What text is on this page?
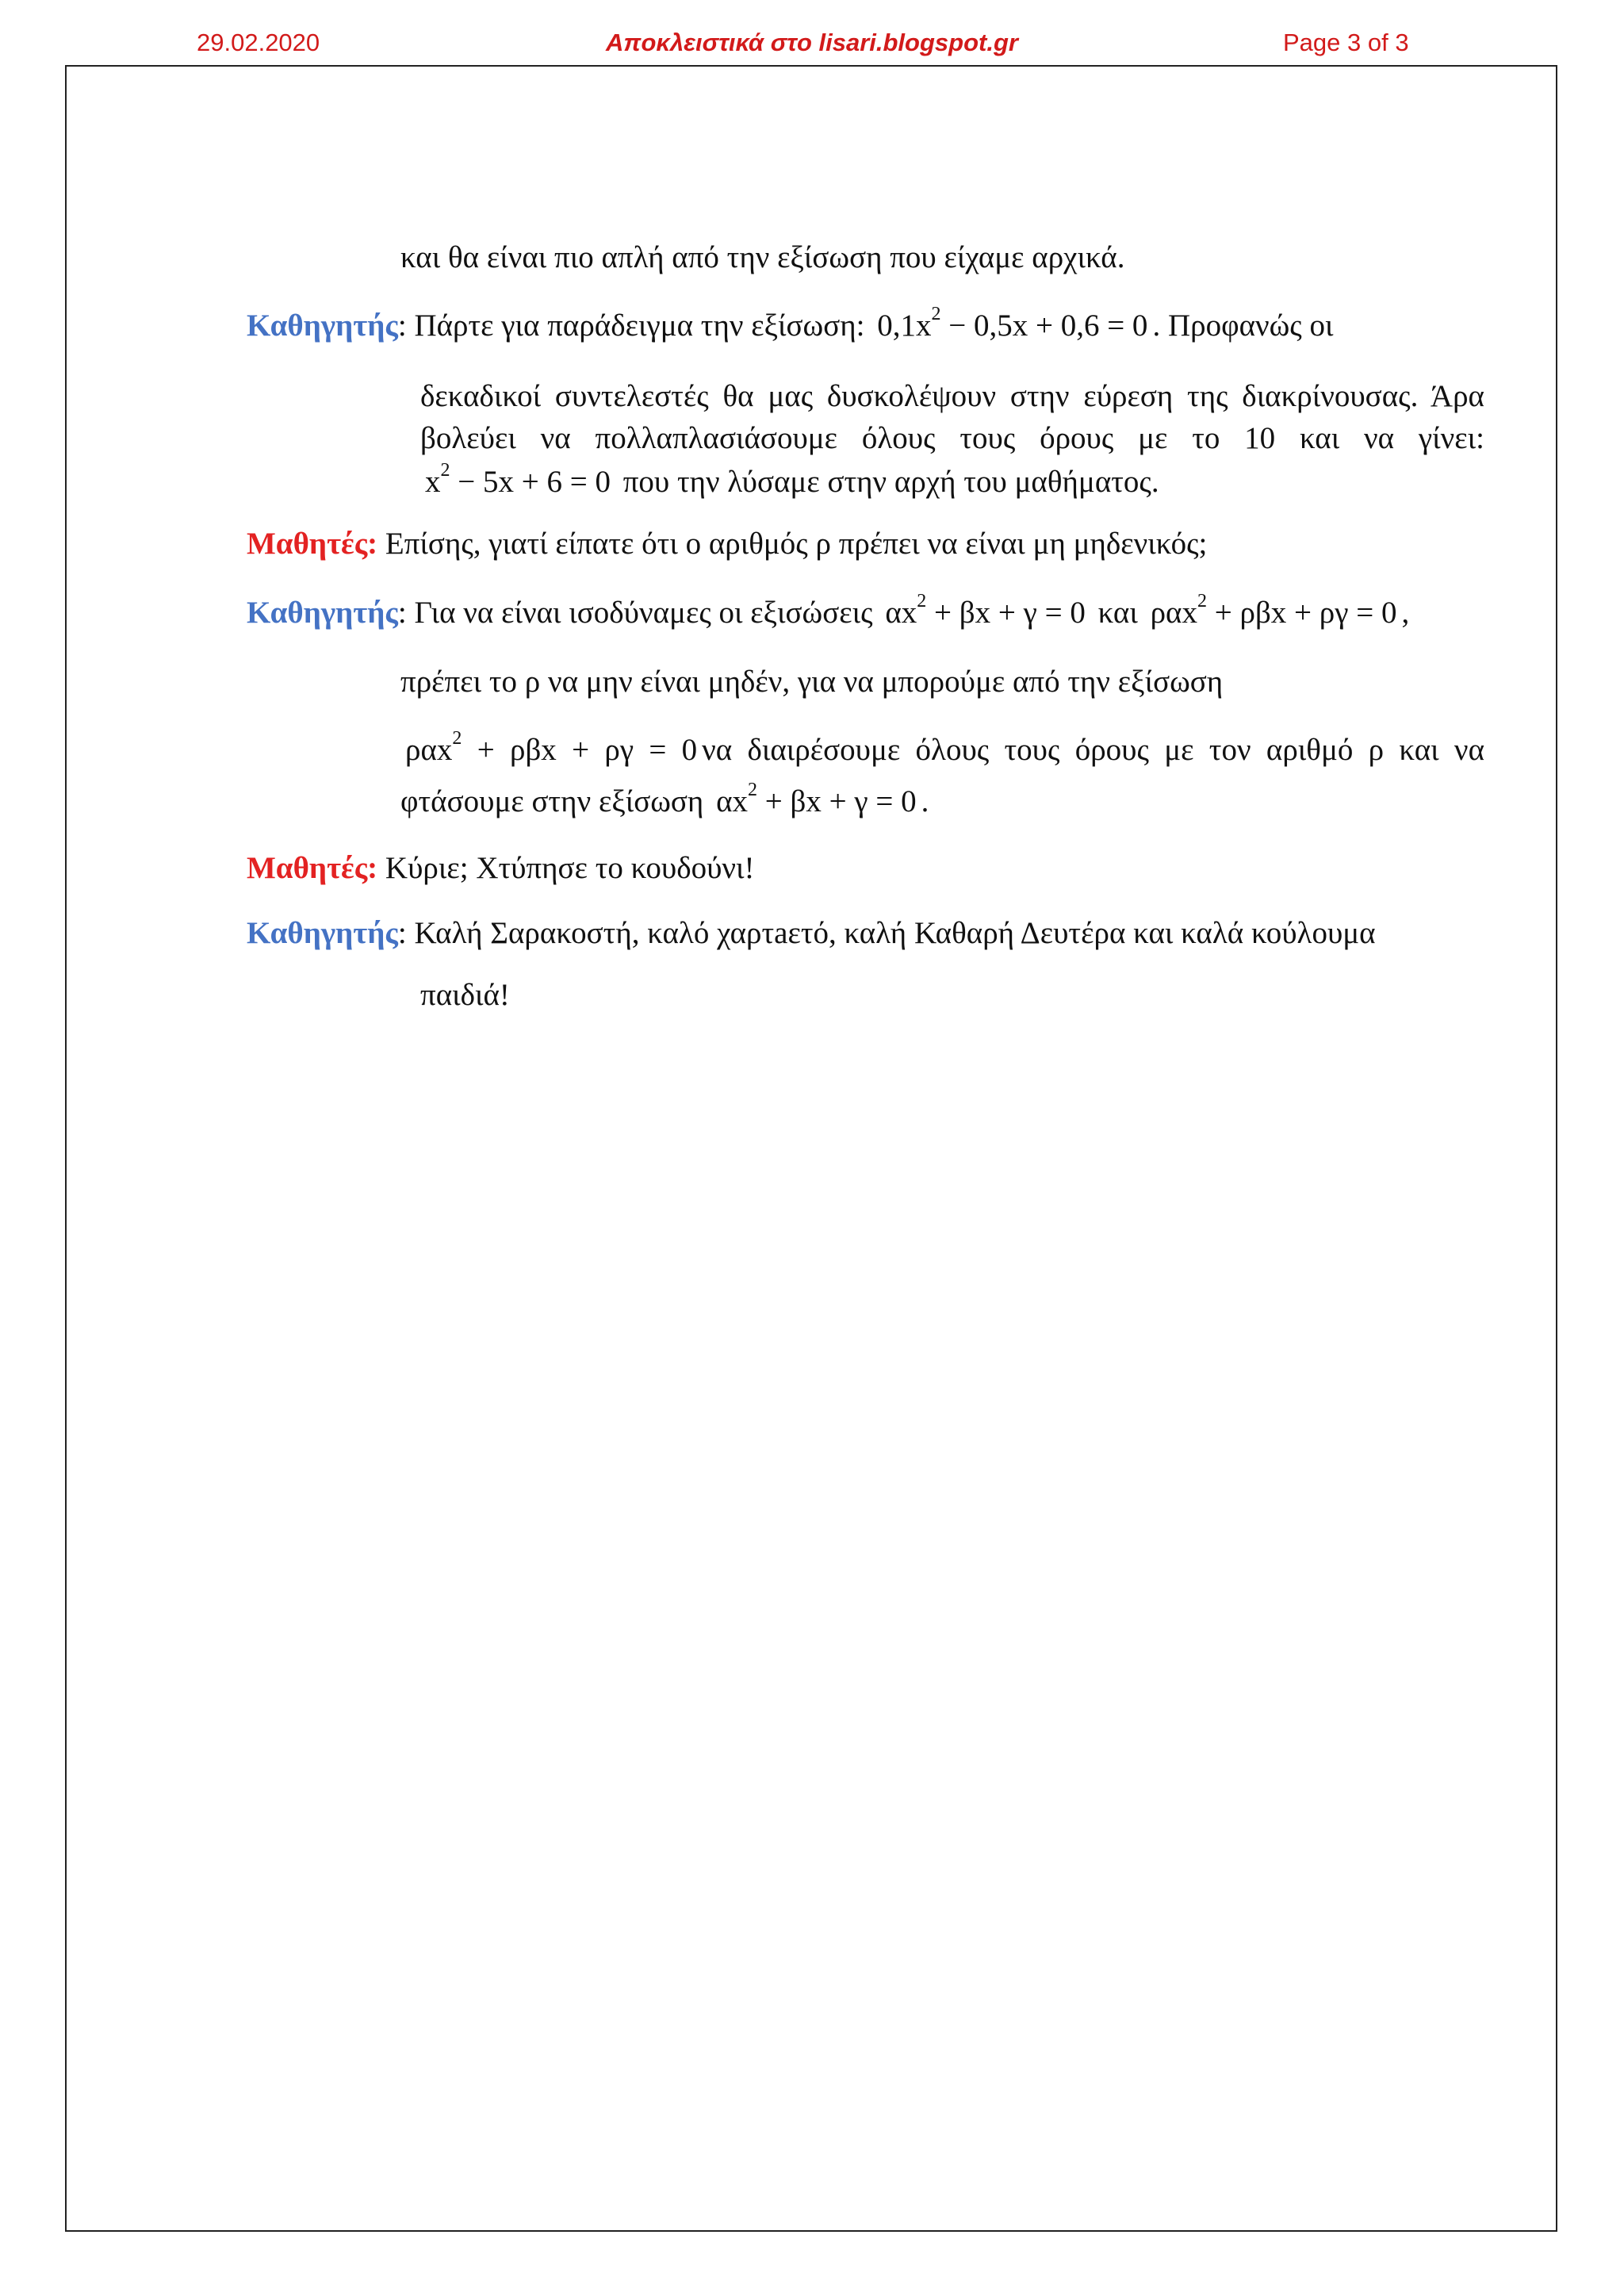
29.02.2020	Αποκλειστικά στο lisari.blogspot.gr	Page 3 of 3
και θα είναι πιο απλή από την εξίσωση που είχαμε αρχικά.
Καθηγητής: Πάρτε για παράδειγμα την εξίσωση: $0,1x^2 - 0,5x + 0,6 = 0$ . Προφανώς οι
δεκαδικοί συντελεστές θα μας δυσκολέψουν στην εύρεση της διακρίνουσας. Άρα
βολεύει να πολλαπλασιάσουμε όλους τους όρους με το 10 και να γίνει:
$x^2 - 5x + 6 = 0$ που την λύσαμε στην αρχή του μαθήματος.
Μαθητές: Επίσης, γιατί είπατε ότι ο αριθμός ρ πρέπει να είναι μη μηδενικός;
Καθηγητής: Για να είναι ισοδύναμες οι εξισώσεις $\alpha x^2 + \beta x + \gamma = 0$ και ραx$^2$ + ρβx + ργ = 0 ,
πρέπει το ρ να μην είναι μηδέν, για να μπορούμε από την εξίσωση
ραx$^2$ + ρβx + ργ = 0 να διαιρέσουμε όλους τους όρους με τον αριθμό ρ και να
φτάσουμε στην εξίσωση $\alpha x^2 + \beta x + \gamma = 0$ .
Μαθητές: Κύριε; Χτύπησε το κουδούνι!
Καθηγητής: Καλή Σαρακοστή, καλό χαρτaετό, καλή Καθαρή Δευτέρα και καλά κούλουμα
παιδιά!
